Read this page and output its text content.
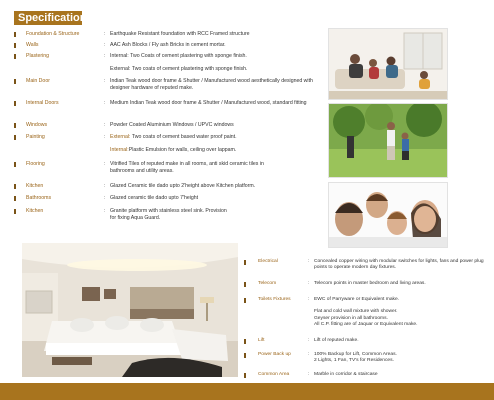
Specifications
Foundation & Structure	: Earthquake Resistant foundation with RCC Framed structure
Walls	: AAC Ash Blocks / Fly ash Bricks in cement mortar.
Plastering	: Internal: Two Coats of cement plastering with sponge finish.

External: Two coats of cement plastering with sponge finish.
Main Door	: Indian Teak wood door frame & Shutter / Manufactured wood aesthetically designed with designer hardware of reputed make.
Internal Doors	: Medium Indian Teak wood door frame & Shutter / Manufactured wood, standard fitting
Windows	: Powder Coated Aluminium Windows / UPVC windows
Painting	: External: Two coats of cement based water proof paint.

Internal:Plastic Emulsion for walls, ceiling over lappam.
Flooring	: Vitrified Tiles of reputed make in all rooms, anti skid ceramic tiles in bathrooms and utility areas.
Kitchen	: Glazed Ceramic tile dado upto 2'height above Kitchen platform.
Bathrooms	: Glazed ceramic tile dado upto 7'height
Kitchen	: Granite platform with stainless steel sink. Provision for fixing Aqua Guard.
Electrical	: Concealed copper wiring with modular switches for lights, fans and power plug points to operate modern day fixtures.
Telecom	: Telecom points in master bedroom and living areas.
Toilets Fixtures	: EWC of Parryware or Equivalent make.

Flat and cold wall mixture with shower.
Geyser provision in all bathrooms.
All C.P. fitting are of Jaquar or Equivalent make.
Lift	: Lift of reputed make.
Power Back up	: 100% Backup for Lift, Common Areas.
2 Lights, 1 Fan, TV's for Residences.
Common Area	: Marble in corridor & staircase
